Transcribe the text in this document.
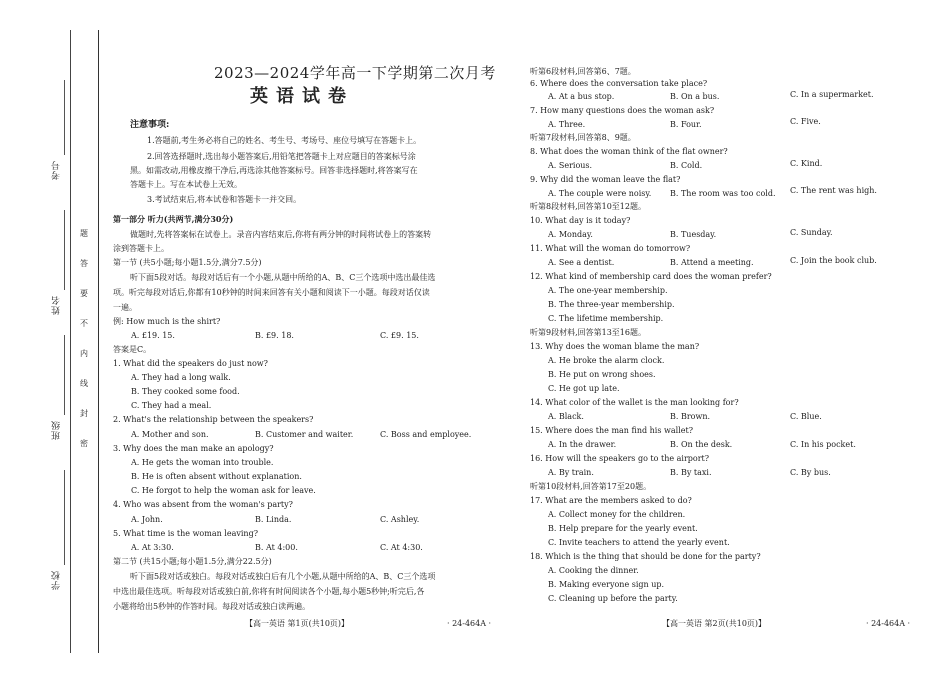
考号
姓名
班级
学校
题
答
要
不
内
线
封
密
2023—2024学年高一下学期第二次月考
英语试卷
注意事项:
1.答题前,考生务必将自己的姓名、考生号、考场号、座位号填写在答题卡上。
2.回答选择题时,选出每小题答案后,用铅笔把答题卡上对应题目的答案标号涂
黑。如需改动,用橡皮擦干净后,再选涂其他答案标号。回答非选择题时,将答案写在
答题卡上。写在本试卷上无效。
3.考试结束后,将本试卷和答题卡一并交回。
第一部分 听力(共两节,满分30分)
做题时,先将答案标在试卷上。录音内容结束后,你将有两分钟的时间将试卷上的答案转
涂到答题卡上。
第一节 (共5小题;每小题1.5分,满分7.5分)
听下面5段对话。每段对话后有一个小题,从题中所给的A、B、C三个选项中选出最佳选
项。听完每段对话后,你都有10秒钟的时间来回答有关小题和阅读下一小题。每段对话仅读
一遍。
例: How much is the shirt?
A. £19. 15.	B. £9. 18.	C. £9. 15.
答案是C。
1. What did the speakers do just now?
A. They had a long walk.
B. They cooked some food.
C. They had a meal.
2. What's the relationship between the speakers?
A. Mother and son.	B. Customer and waiter.	C. Boss and employee.
3. Why does the man make an apology?
A. He gets the woman into trouble.
B. He is often absent without explanation.
C. He forgot to help the woman ask for leave.
4. Who was absent from the woman's party?
A. John.	B. Linda.	C. Ashley.
5. What time is the woman leaving?
A. At 3:30.	B. At 4:00.	C. At 4:30.
第二节 (共15小题;每小题1.5分,满分22.5分)
听下面5段对话或独白。每段对话或独白后有几个小题,从题中所给的A、B、C三个选项
中选出最佳选项。听每段对话或独白前,你将有时间阅读各个小题,每小题5秒钟;听完后,各
小题将给出5秒钟的作答时间。每段对话或独白读两遍。
【高一英语 第1页(共10页)】	· 24-464A ·
听第6段材料,回答第6、7题。
6. Where does the conversation take place?
A. At a bus stop.	B. On a bus.	C. In a supermarket.
7. How many questions does the woman ask?
A. Three.	B. Four.	C. Five.
听第7段材料,回答第8、9题。
8. What does the woman think of the flat owner?
A. Serious.	B. Cold.	C. Kind.
9. Why did the woman leave the flat?
A. The couple were noisy. B. The room was too cold. C. The rent was high.
听第8段材料,回答第10至12题。
10. What day is it today?
A. Monday.	B. Tuesday.	C. Sunday.
11. What will the woman do tomorrow?
A. See a dentist.	B. Attend a meeting.	C. Join the book club.
12. What kind of membership card does the woman prefer?
A. The one-year membership.
B. The three-year membership.
C. The lifetime membership.
听第9段材料,回答第13至16题。
13. Why does the woman blame the man?
A. He broke the alarm clock.
B. He put on wrong shoes.
C. He got up late.
14. What color of the wallet is the man looking for?
A. Black.	B. Brown.	C. Blue.
15. Where does the man find his wallet?
A. In the drawer.	B. On the desk.	C. In his pocket.
16. How will the speakers go to the airport?
A. By train.	B. By taxi.	C. By bus.
听第10段材料,回答第17至20题。
17. What are the members asked to do?
A. Collect money for the children.
B. Help prepare for the yearly event.
C. Invite teachers to attend the yearly event.
18. Which is the thing that should be done for the party?
A. Cooking the dinner.
B. Making everyone sign up.
C. Cleaning up before the party.
【高一英语 第2页(共10页)】	· 24-464A ·
